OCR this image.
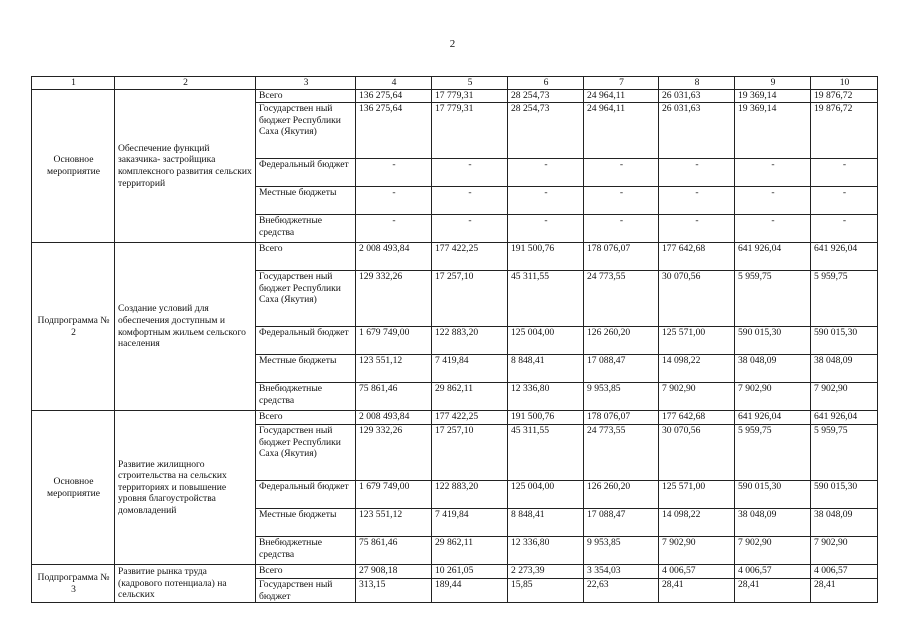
2
1	2	3	4	5	6	7	8	9	10
Основное мероприятие	Обеспечение функций заказчика- застройщика комплексного развития сельских территорий	Всего	136 275,64	17 779,31	28 254,73	24 964,11	26 031,63	19 369,14	19 876,72
		Государствен ный бюджет Республики Саха (Якутия)	136 275,64	17 779,31	28 254,73	24 964,11	26 031,63	19 369,14	19 876,72
		Федеральный бюджет	-	-	-	-	-	-	-
		Местные бюджеты	-	-	-	-	-	-	-
		Внебюджетные средства	-	-	-	-	-	-	-
Подпрограмма № 2	Создание условий для обеспечения доступным и комфортным жильем сельского населения	Всего	2 008 493,84	177 422,25	191 500,76	178 076,07	177 642,68	641 926,04	641 926,04
		Государствен ный бюджет Республики Саха (Якутия)	129 332,26	17 257,10	45 311,55	24 773,55	30 070,56	5 959,75	5 959,75
		Федеральный бюджет	1 679 749,00	122 883,20	125 004,00	126 260,20	125 571,00	590 015,30	590 015,30
		Местные бюджеты	123 551,12	7 419,84	8 848,41	17 088,47	14 098,22	38 048,09	38 048,09
		Внебюджетные средства	75 861,46	29 862,11	12 336,80	9 953,85	7 902,90	7 902,90	7 902,90
Основное мероприятие	Развитие жилищного строительства на сельских территориях и повышение уровня благоустройства домовладений	Всего	2 008 493,84	177 422,25	191 500,76	178 076,07	177 642,68	641 926,04	641 926,04
		Государствен ный бюджет Республики Саха (Якутия)	129 332,26	17 257,10	45 311,55	24 773,55	30 070,56	5 959,75	5 959,75
		Федеральный бюджет	1 679 749,00	122 883,20	125 004,00	126 260,20	125 571,00	590 015,30	590 015,30
		Местные бюджеты	123 551,12	7 419,84	8 848,41	17 088,47	14 098,22	38 048,09	38 048,09
		Внебюджетные средства	75 861,46	29 862,11	12 336,80	9 953,85	7 902,90	7 902,90	7 902,90
Подпрограмма № 3	Развитие рынка труда (кадрового потенциала) на сельских	Всего	27 908,18	10 261,05	2 273,39	3 354,03	4 006,57	4 006,57	4 006,57
		Государствен ный бюджет	313,15	189,44	15,85	22,63	28,41	28,41	28,41
